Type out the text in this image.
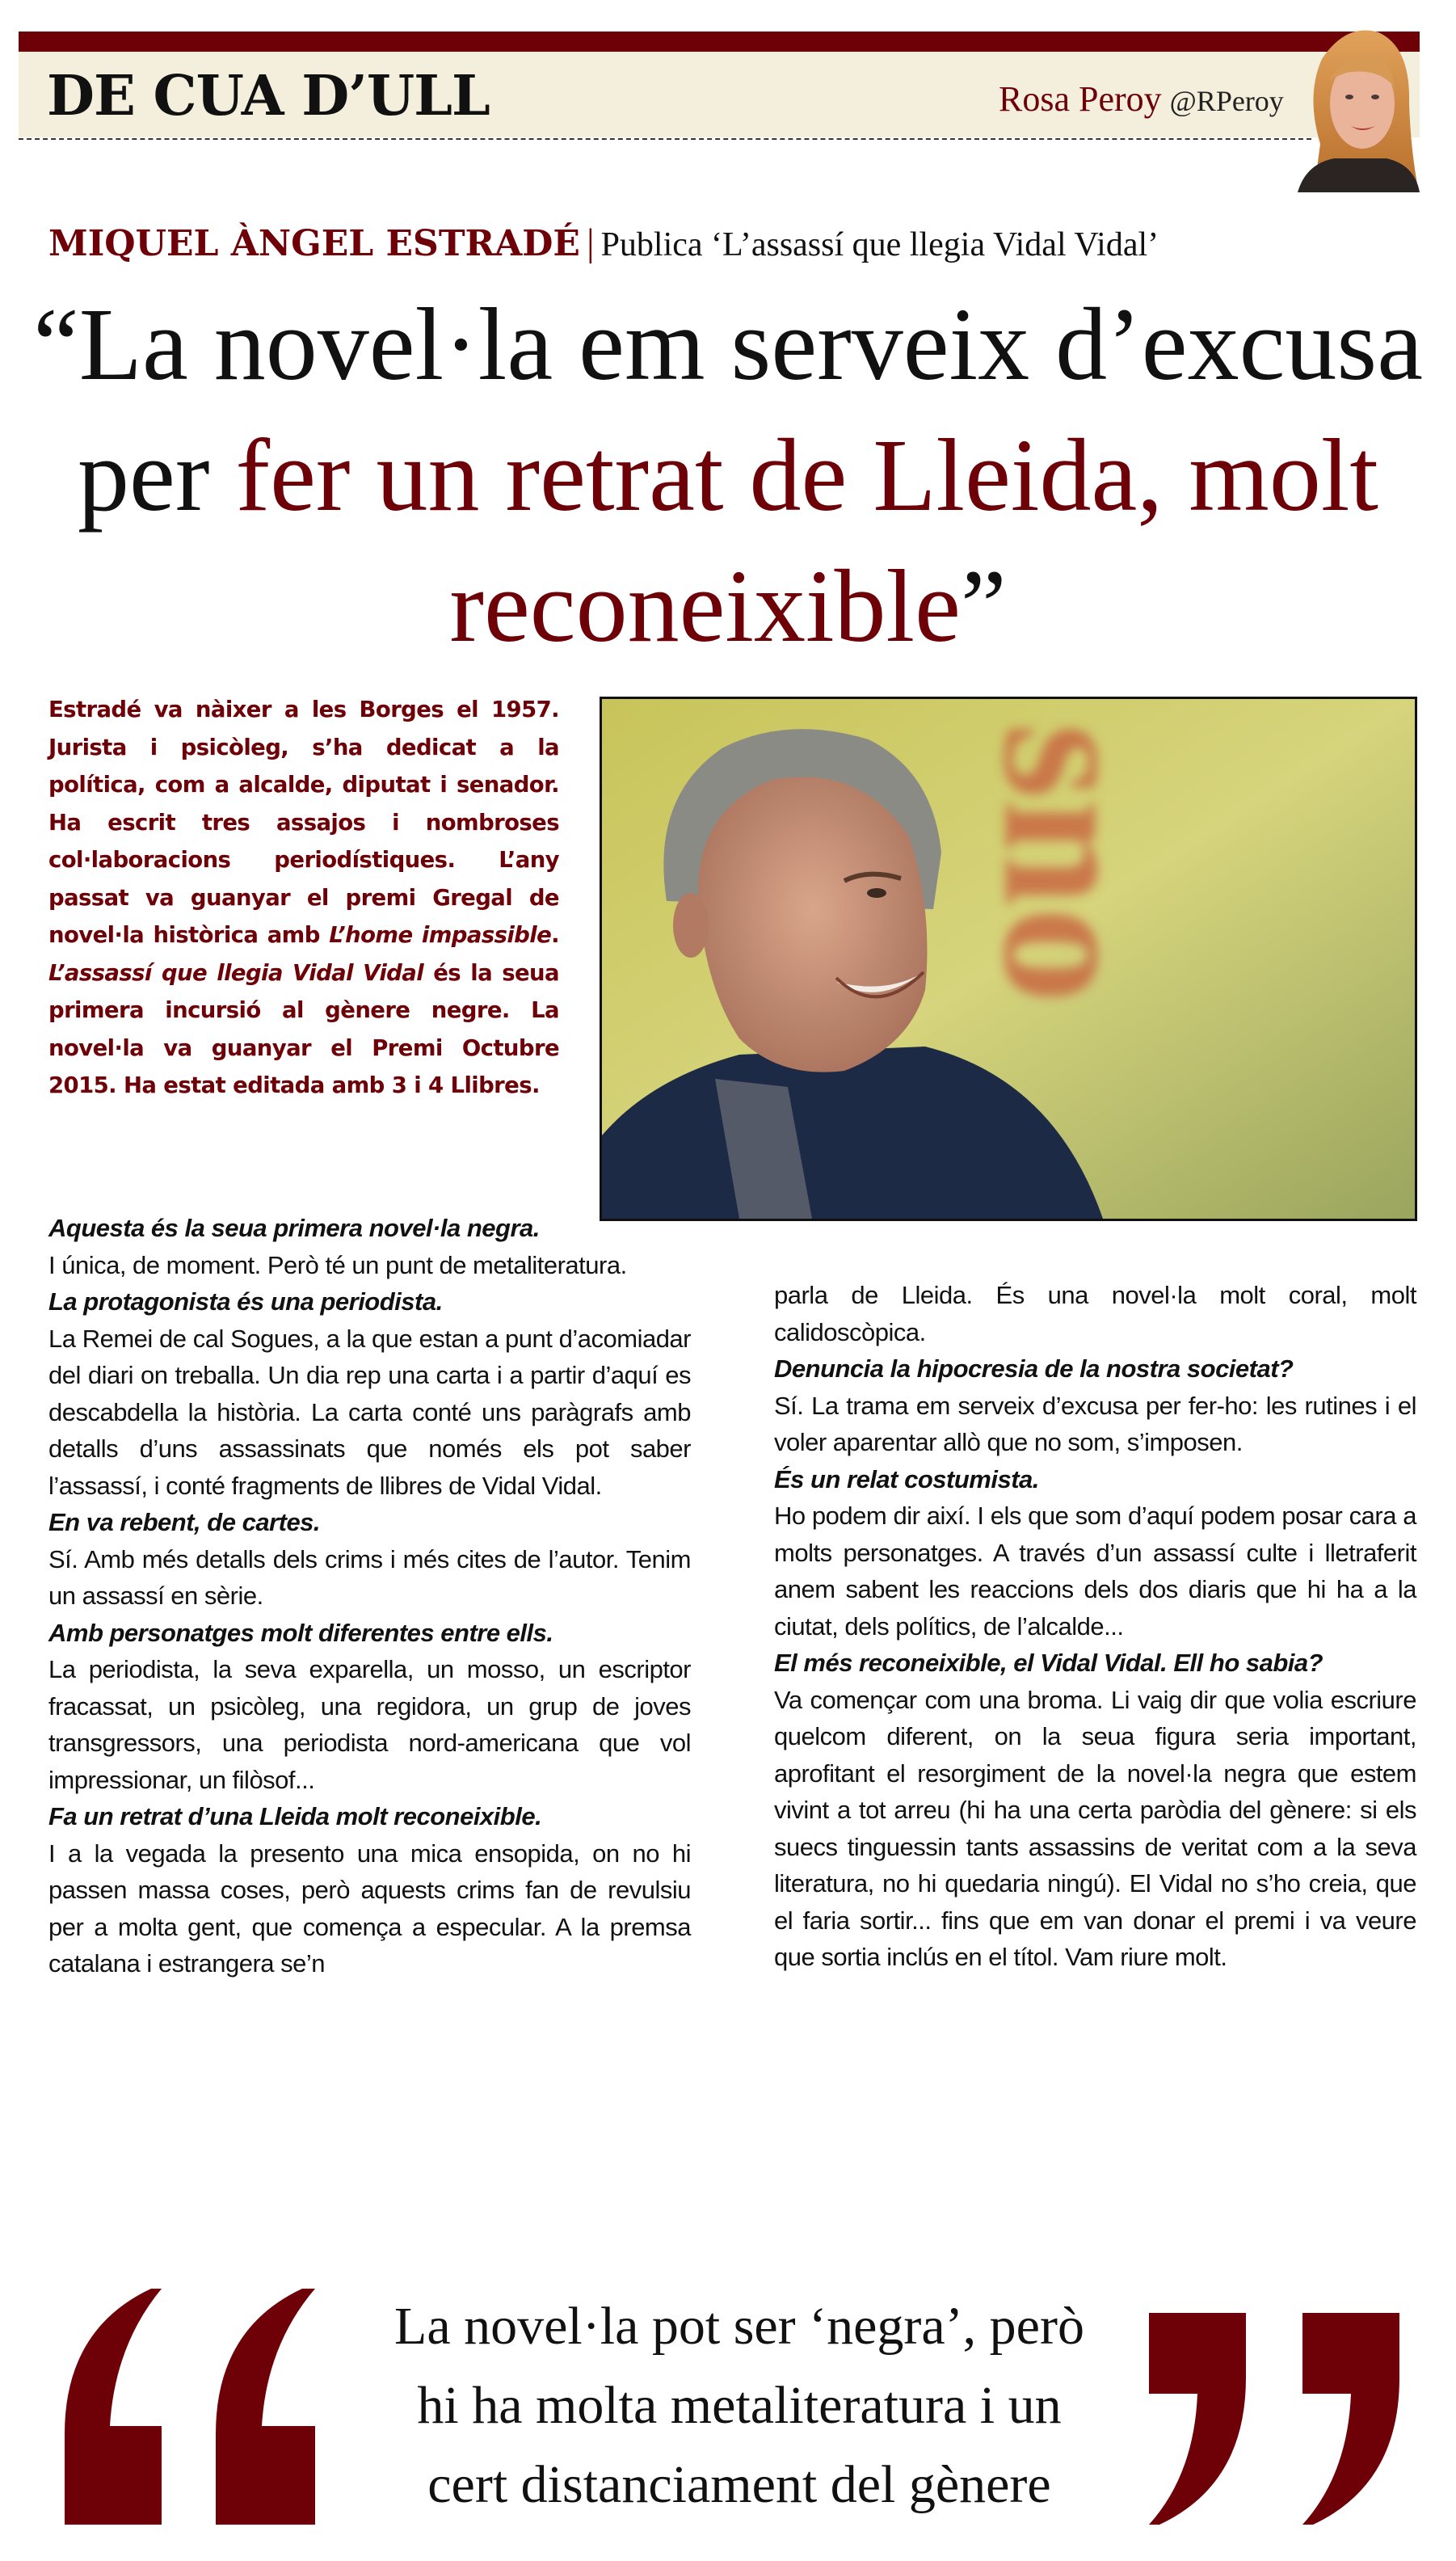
DE CUA D’ULL	Rosa Peroy @RPeroy
MIQUEL ÀNGEL ESTRADÉ | Publica ‘L’assassí que llegia Vidal Vidal’
“La novel·la em serveix d’excusa per fer un retrat de Lleida, molt reconeixible”
Estradé va nàixer a les Borges el 1957. Jurista i psicòleg, s’ha dedicat a la política, com a alcalde, diputat i senador. Ha escrit tres assajos i nombroses col·laboracions periodístiques. L’any passat va guanyar el premi Gregal de novel·la històrica amb L’home impassible. L’assassí que llegia Vidal Vidal és la seua primera incursió al gènere negre. La novel·la va guanyar el Premi Octubre 2015. Ha estat editada amb 3 i 4 Llibres.
sno

Aquesta és la seua primera novel·la negra.

I única, de moment. Però té un punt de metaliteratura.

La protagonista és una periodista.

La Remei de cal Sogues, a la que estan a punt d’acomiadar del diari on treballa. Un dia rep una carta i a partir d’aquí es descabdella la història. La carta conté uns paràgrafs amb detalls d’uns assassinats que només els pot saber l’assassí, i conté fragments de llibres de Vidal Vidal.

En va rebent, de cartes.

Sí. Amb més detalls dels crims i més cites de l’autor. Tenim un assassí en sèrie.

Amb personatges molt diferentes entre ells.

La periodista, la seva exparella, un mosso, un escriptor fracassat, un psicòleg, una regidora, un grup de joves transgressors, una periodista nord-americana que vol impressionar, un filòsof...

Fa un retrat d’una Lleida molt reconeixible.

I a la vegada la presento una mica ensopida, on no hi passen massa coses, però aquests crims fan de revulsiu per a molta gent, que comença a especular. A la premsa catalana i estrangera se’n

parla de Lleida. És una novel·la molt coral, molt calidoscòpica.

Denuncia la hipocresia de la nostra societat?

Sí. La trama em serveix d’excusa per fer-ho: les rutines i el voler aparentar allò que no som, s’imposen.

És un relat costumista.

Ho podem dir així. I els que som d’aquí podem posar cara a molts personatges. A través d’un assassí culte i lletraferit anem sabent les reaccions dels dos diaris que hi ha a la ciutat, dels polítics, de l’alcalde...

El més reconeixible, el Vidal Vidal. Ell ho sabia?

Va començar com una broma. Li vaig dir que volia escriure quelcom diferent, on la seua figura seria important, aprofitant el resorgiment de la novel·la negra que estem vivint a tot arreu (hi ha una certa paròdia del gènere: si els suecs tinguessin tants assassins de veritat com a la seva literatura, no hi quedaria ningú). El Vidal no s’ho creia, que el faria sortir... fins que em van donar el premi i va veure que sortia inclús en el títol. Vam riure molt.

La novel·la pot ser ‘negra’, però
hi ha molta metaliteratura i un
cert distanciament del gènere
